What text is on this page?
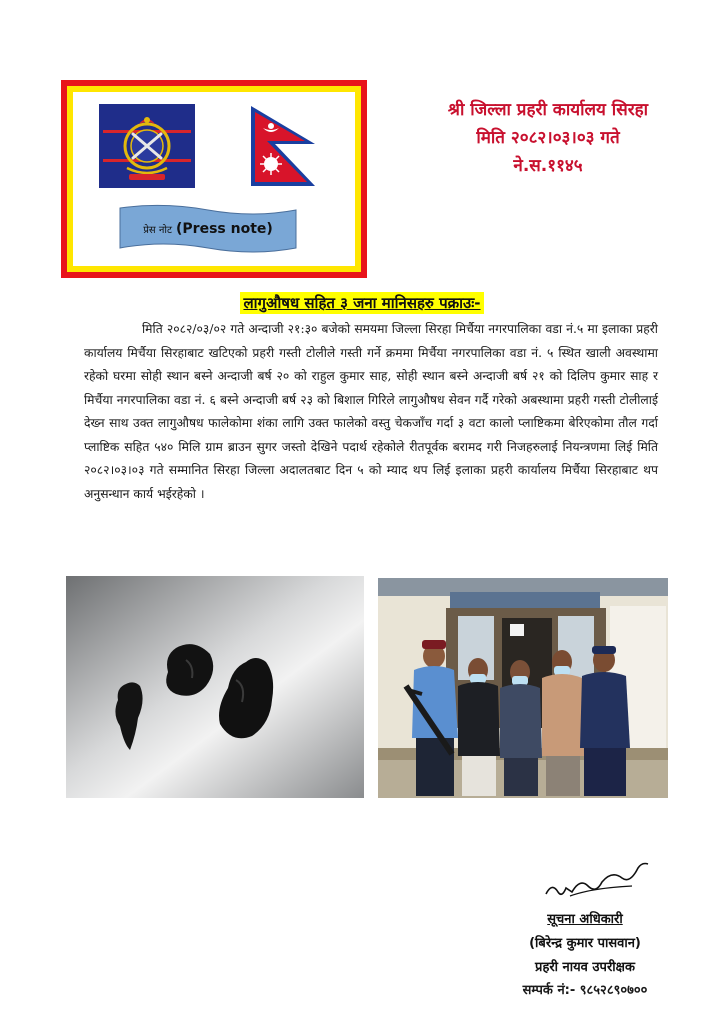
प्रेस नोट (Press note)
श्री जिल्ला प्रहरी कार्यालय सिरहा
मिति २०८२।०३।०३ गते
ने.स.११४५
लागुऔषध सहित ३ जना मानिसहरु पक्राउः-
मिति २०८२/०३/०२ गते अन्दाजी २१:३० बजेको समयमा जिल्ला सिरहा मिर्चैया नगरपालिका वडा नं.५ मा इलाका प्रहरी कार्यालय मिर्चैया सिरहाबाट खटिएको प्रहरी गस्ती टोलीले गस्ती गर्ने क्रममा मिर्चैया नगरपालिका वडा नं. ५ स्थित खाली अवस्थामा रहेको घरमा सोही स्थान बस्ने अन्दाजी बर्ष २० को राहुल कुमार साह, सोही स्थान बस्ने अन्दाजी बर्ष २१ को दिलिप कुमार साह र मिर्चैया नगरपालिका वडा नं. ६ बस्ने अन्दाजी बर्ष २३ को बिशाल गिरिले लागुऔषध सेवन गर्दै गरेको अबस्थामा प्रहरी गस्ती टोलीलाई देख्न साथ उक्त लागुऔषध फालेकोमा शंका लागि उक्त फालेको वस्तु चेकजाँच गर्दा ३ वटा कालो प्लाष्टिकमा बेरिएकोमा तौल गर्दा प्लाष्टिक सहित ५४० मिलि ग्राम ब्राउन सुगर जस्तो देखिने पदार्थ रहेकोले रीतपूर्वक बरामद गरी निजहरुलाई नियन्त्रणमा लिई मिति २०८२।०३।०३ गते सम्मानित सिरहा जिल्ला अदालतबाट दिन ५ को म्याद थप लिई इलाका प्रहरी कार्यालय मिर्चैया सिरहाबाट थप अनुसन्धान कार्य भईरहेको ।
सूचना अधिकारी
(बिरेन्द्र कुमार पासवान)
प्रहरी नायव उपरीक्षक
सम्पर्क नं:- ९८५२८९०७००
